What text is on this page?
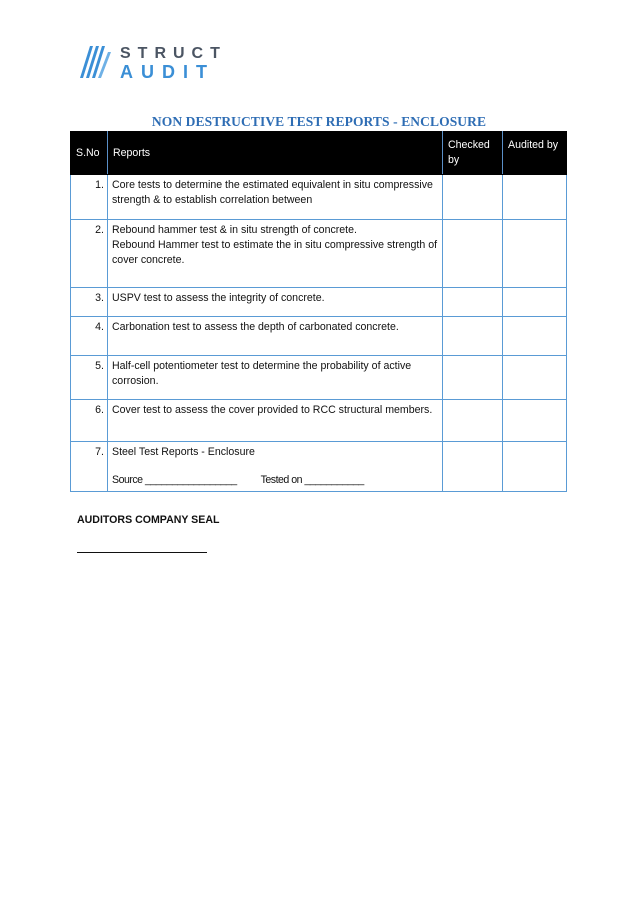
STRUCT
AUDIT
NON DESTRUCTIVE TEST REPORTS - ENCLOSURE
S.No	Reports	Checked by	Audited by
1.	Core tests to determine the estimated equivalent in situ compressive strength & to establish correlation between		
2.	Rebound hammer test & in situ strength of concrete.
Rebound Hammer test to estimate the in situ compressive strength of cover concrete.		

3.	USPV test to assess the integrity of concrete.		
4.	Carbonation test to assess the depth of carbonated concrete.		
5.	Half-cell potentiometer test to determine the probability of active corrosion.		
6.	Cover test to assess the cover provided to RCC structural members.		
7.	Steel Test Reports - Enclosure
Source _________________ Tested on ___________		
AUDITORS COMPANY SEAL
